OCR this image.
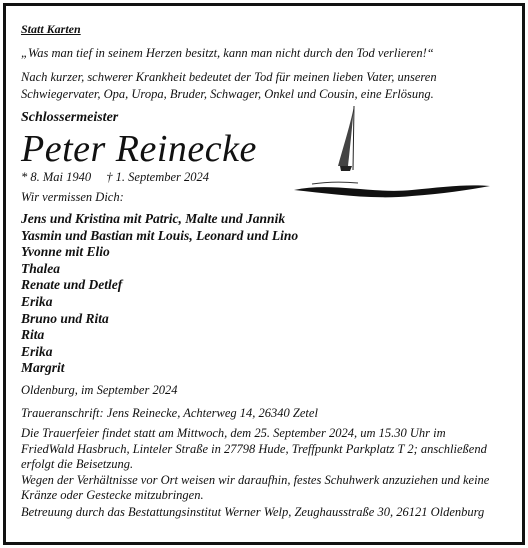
Statt Karten
„Was man tief in seinem Herzen besitzt, kann man nicht durch den Tod verlieren!“
Nach kurzer, schwerer Krankheit bedeutet der Tod für meinen lieben Vater, unseren Schwiegervater, Opa, Uropa, Bruder, Schwager, Onkel und Cousin, eine Erlösung.
Schlossermeister
Peter Reinecke
* 8. Mai 1940 † 1. September 2024
Wir vermissen Dich:
Jens und Kristina mit Patric, Malte und Jannik
Yasmin und Bastian mit Louis, Leonard und Lino
Yvonne mit Elio
Thalea
Renate und Detlef
Erika
Bruno und Rita
Rita
Erika
Margrit
Oldenburg, im September 2024
Traueranschrift: Jens Reinecke, Achterweg 14, 26340 Zetel
Die Trauerfeier findet statt am Mittwoch, dem 25. September 2024, um 15.30 Uhr im FriedWald Hasbruch, Linteler Straße in 27798 Hude, Treffpunkt Parkplatz T 2; anschließend erfolgt die Beisetzung.
Wegen der Verhältnisse vor Ort weisen wir daraufhin, festes Schuhwerk anzuziehen und keine Kränze oder Gestecke mitzubringen.
Betreuung durch das Bestattungsinstitut Werner Welp, Zeughausstraße 30, 26121 Oldenburg
